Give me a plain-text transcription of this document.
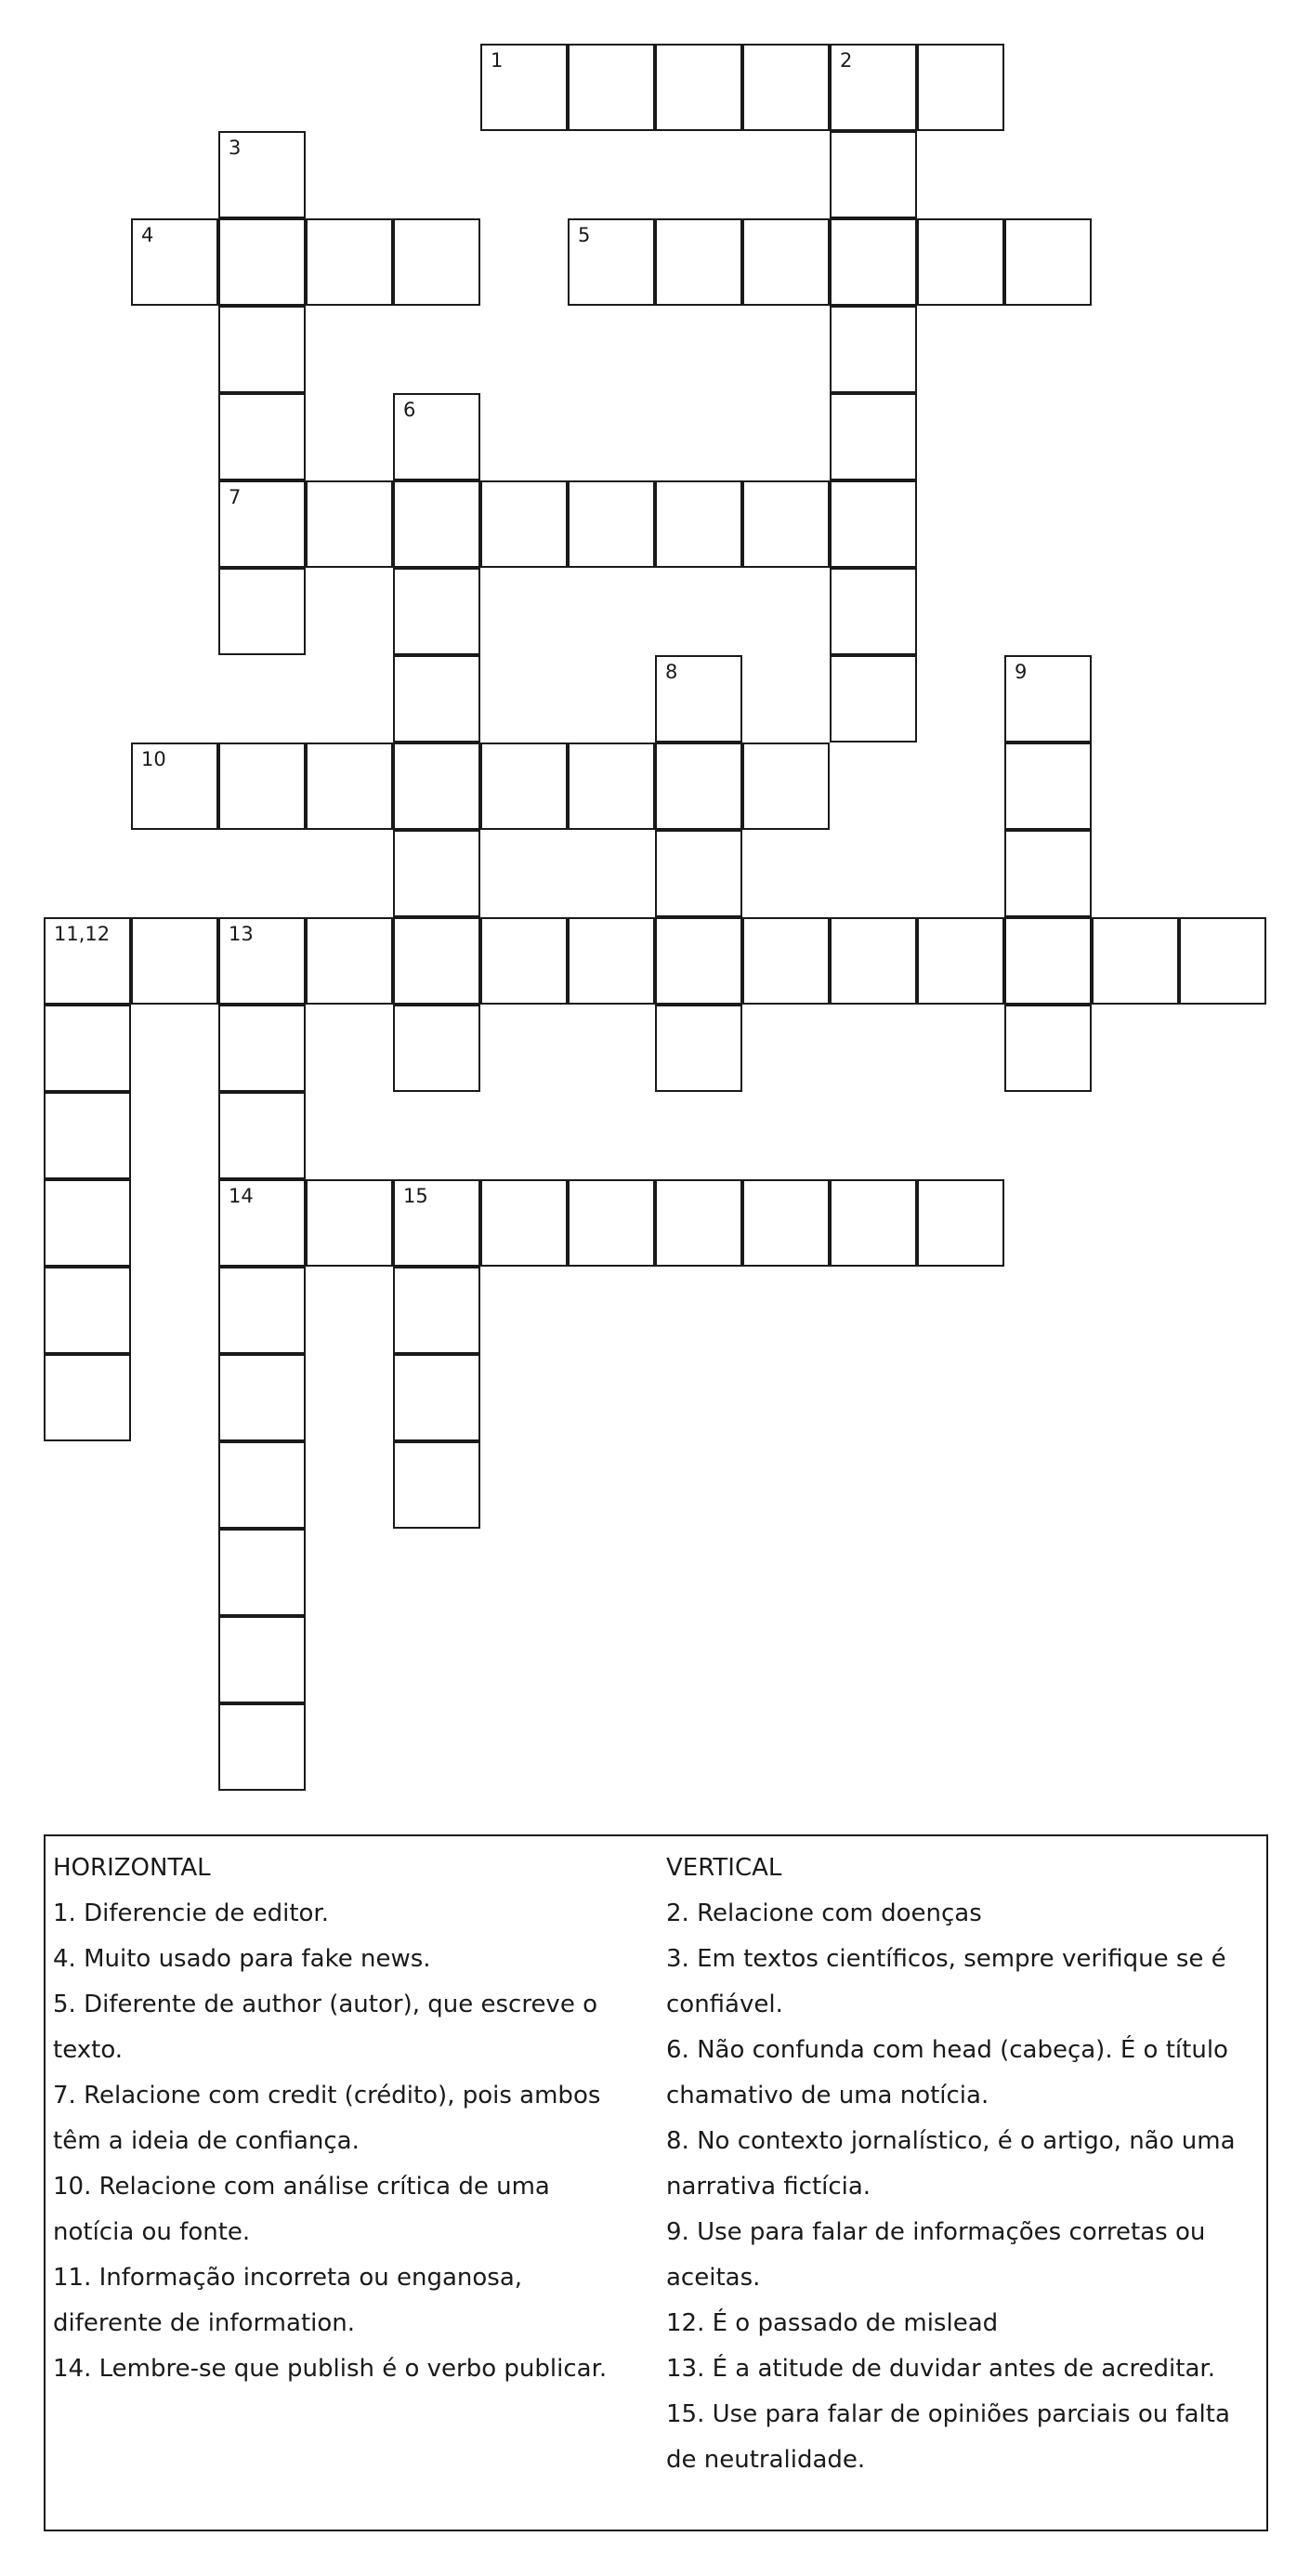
1	2
3
7
4	5
6
8	9
10
11,12	13
14	15
HORIZONTAL
1. Diferencie de editor.
4. Muito usado para fake news.
5. Diferente de author (autor), que escreve o
texto.
7. Relacione com credit (crédito), pois ambos
têm a ideia de confiança.
10. Relacione com análise crítica de uma
notícia ou fonte.
11. Informação incorreta ou enganosa,
diferente de information.
14. Lembre-se que publish é o verbo publicar.
VERTICAL
2. Relacione com doenças
3. Em textos científicos, sempre verifique se é
confiável.
6. Não confunda com head (cabeça). É o título
chamativo de uma notícia.
8. No contexto jornalístico, é o artigo, não uma
narrativa fictícia.
9. Use para falar de informações corretas ou
aceitas.
12. É o passado de mislead
13. É a atitude de duvidar antes de acreditar.
15. Use para falar de opiniões parciais ou falta
de neutralidade.
